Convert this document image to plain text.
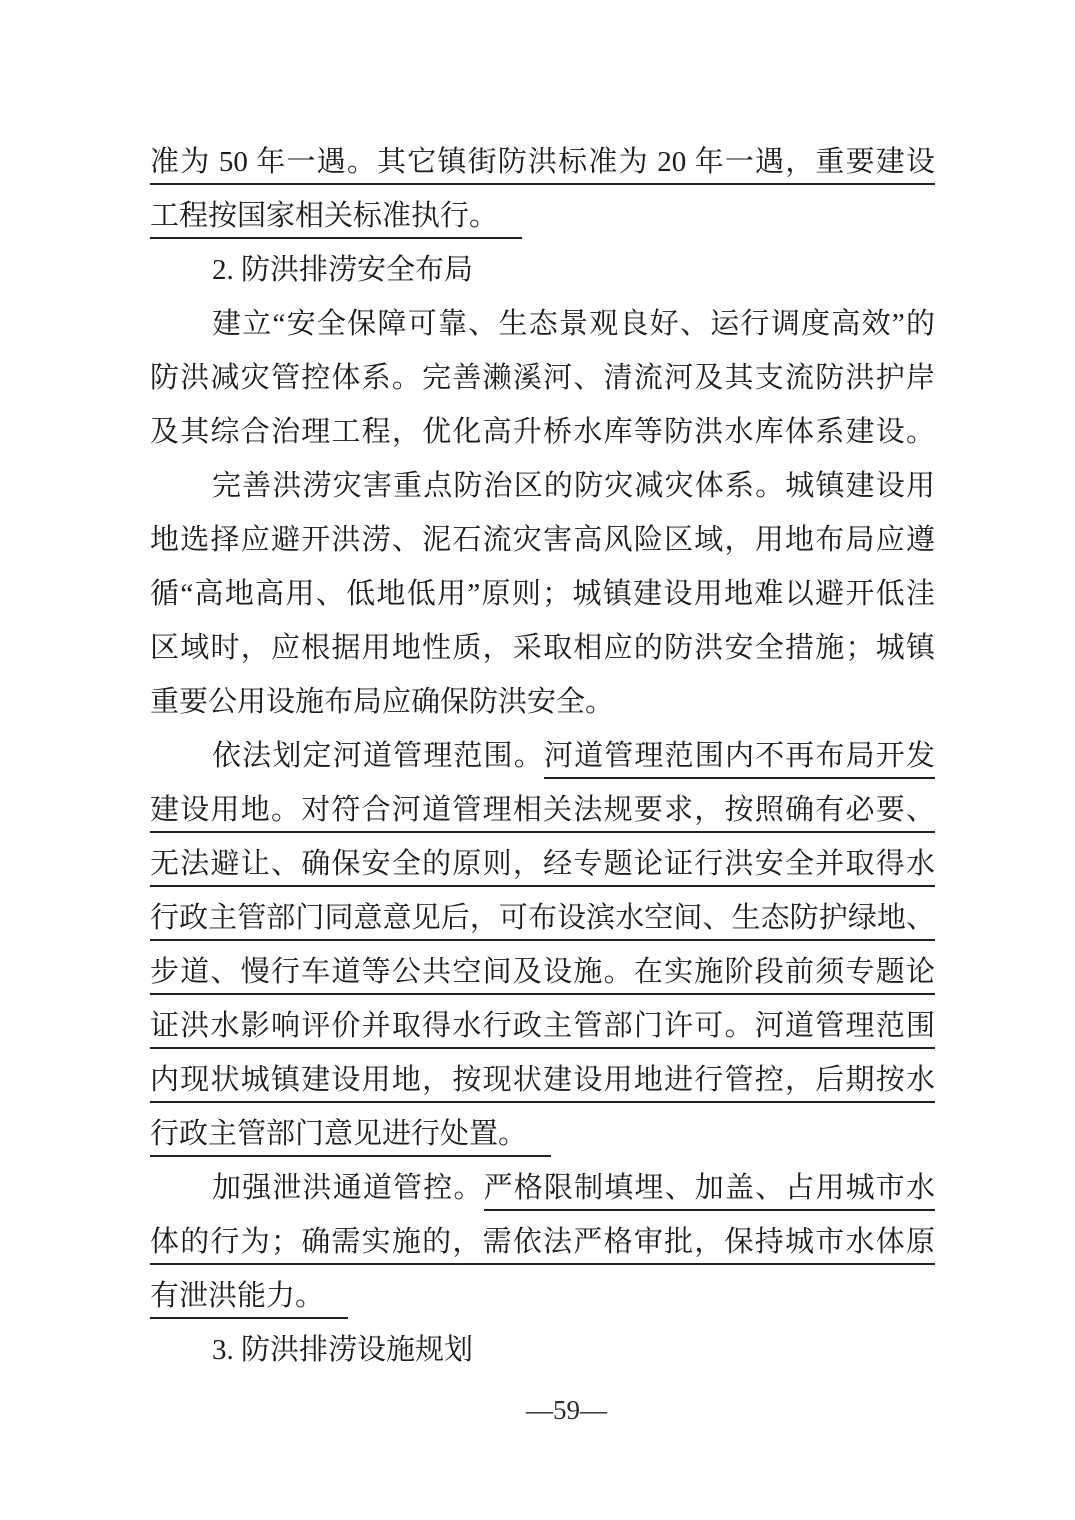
准为 50 年一遇。其它镇街防洪标准为 20 年一遇，重要建设
工程按国家相关标准执行。
2. 防洪排涝安全布局
建立“安全保障可靠、生态景观良好、运行调度高效”的
防洪减灾管控体系。完善濑溪河、清流河及其支流防洪护岸
及其综合治理工程，优化高升桥水库等防洪水库体系建设。
完善洪涝灾害重点防治区的防灾减灾体系。城镇建设用
地选择应避开洪涝、泥石流灾害高风险区域，用地布局应遵
循“高地高用、低地低用”原则；城镇建设用地难以避开低洼
区域时，应根据用地性质，采取相应的防洪安全措施；城镇
重要公用设施布局应确保防洪安全。
依法划定河道管理范围。河道管理范围内不再布局开发
建设用地。对符合河道管理相关法规要求，按照确有必要、
无法避让、确保安全的原则，经专题论证行洪安全并取得水
行政主管部门同意意见后，可布设滨水空间、生态防护绿地、
步道、慢行车道等公共空间及设施。在实施阶段前须专题论
证洪水影响评价并取得水行政主管部门许可。河道管理范围
内现状城镇建设用地，按现状建设用地进行管控，后期按水
行政主管部门意见进行处置。
加强泄洪通道管控。严格限制填埋、加盖、占用城市水
体的行为；确需实施的，需依法严格审批，保持城市水体原
有泄洪能力。
3. 防洪排涝设施规划
—59—
